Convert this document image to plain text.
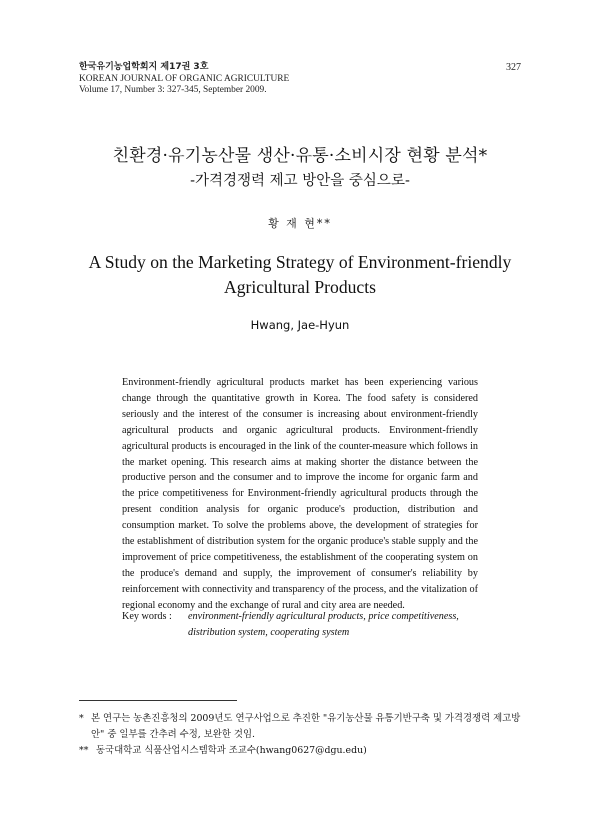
한국유기농업학회지 제17권 3호
KOREAN JOURNAL OF ORGANIC AGRICULTURE
Volume 17, Number 3: 327-345, September 2009.
327
친환경·유기농산물 생산·유통·소비시장 현황 분석*
-가격경쟁력 제고 방안을 중심으로-
황 재 현**
A Study on the Marketing Strategy of Environment-friendly Agricultural Products
Hwang, Jae-Hyun

Environment-friendly agricultural products market has been experiencing various change through the quantitative growth in Korea. The food safety is considered seriously and the interest of the consumer is increasing about environment-friendly agricultural products and organic agricultural products. Environment-friendly agricultural products is encouraged in the link of the counter-measure which follows in the market opening. This research aims at making shorter the distance between the productive person and the consumer and to improve the income for organic farm and the price competitiveness for Environment-friendly agricultural products through the present condition analysis for organic produce's production, distribution and consumption market. To solve the problems above, the development of strategies for the establishment of distribution system for the organic produce's stable supply and the improvement of price competitiveness, the establishment of the cooperating system on the produce's demand and supply, the improvement of consumer's reliability by reinforcement with connectivity and transparency of the process, and the vitalization of regional economy and the exchange of rural and city area are needed.

Key words : environment-friendly agricultural products, price competitiveness, distribution system, cooperating system
* 본 연구는 농촌진흥청의 2009년도 연구사업으로 추진한 "유기농산물 유통기반구축 및 가격경쟁력 제고방안" 중 일부를 간추려 수정, 보완한 것임.
** 동국대학교 식품산업시스템학과 조교수(hwang0627@dgu.edu)
